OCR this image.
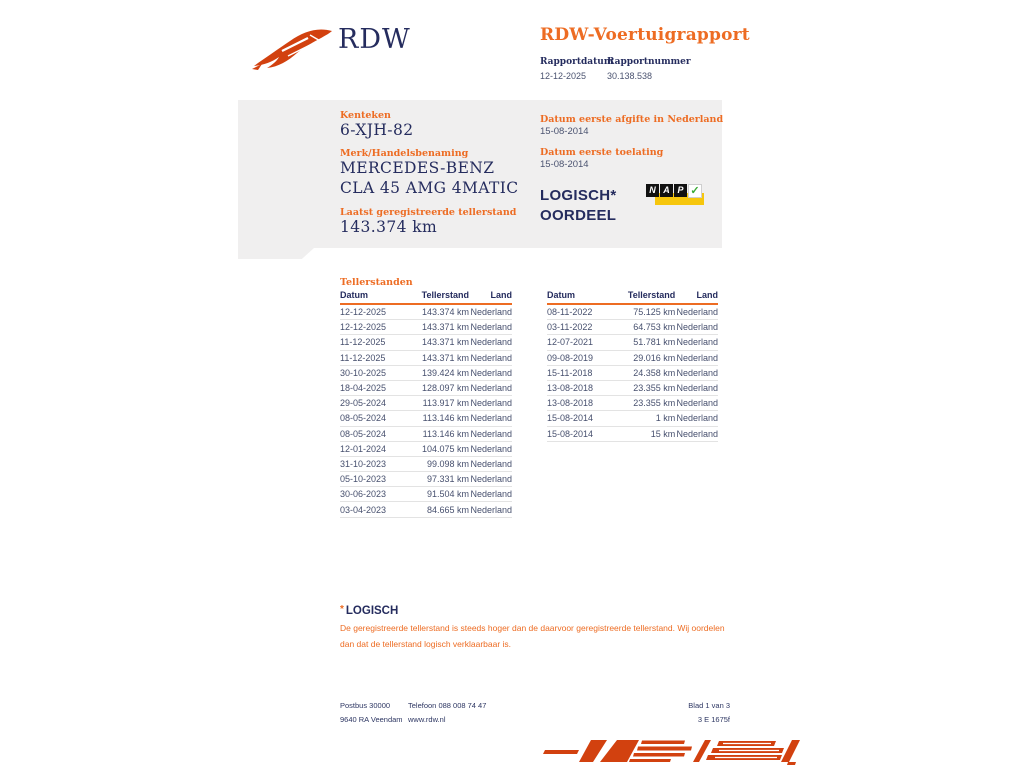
RDW	RDW-Voertuigrapport
Rapportdatum
12-12-2025
Rapportnummer
30.138.538
Kenteken
6-XJH-82
Merk/Handelsbenaming
MERCEDES-BENZ
CLA 45 AMG 4MATIC
Laatst geregistreerde tellerstand
143.374 km
Datum eerste afgifte in Nederland
15-08-2014
Datum eerste toelating
15-08-2014
LOGISCH*
OORDEEL
N A P ✓
Tellerstanden
Datum	Tellerstand	Land
12-12-2025	143.374 km Nederland
12-12-2025	143.371 km Nederland
11-12-2025	143.371 km Nederland
11-12-2025	143.371 km Nederland
30-10-2025	139.424 km Nederland
18-04-2025	128.097 km Nederland
29-05-2024	113.917 km Nederland
08-05-2024	113.146 km Nederland
08-05-2024	113.146 km Nederland
12-01-2024	104.075 km Nederland
31-10-2023	99.098 km Nederland
05-10-2023	97.331 km Nederland
30-06-2023	91.504 km Nederland
03-04-2023	84.665 km Nederland
Datum	Tellerstand	Land
08-11-2022	75.125 km Nederland
03-11-2022	64.753 km Nederland
12-07-2021	51.781 km Nederland
09-08-2019	29.016 km Nederland
15-11-2018	24.358 km Nederland
13-08-2018	23.355 km Nederland
13-08-2018	23.355 km Nederland
15-08-2014	1 km Nederland
15-08-2014	15 km Nederland
* LOGISCH
De geregistreerde tellerstand is steeds hoger dan de daarvoor geregistreerde tellerstand. Wij oordelen dan dat de tellerstand logisch verklaarbaar is.
Postbus 30000
9640 RA Veendam
Telefoon 088 008 74 47
www.rdw.nl
Blad 1 van 3
3 E 1675f
